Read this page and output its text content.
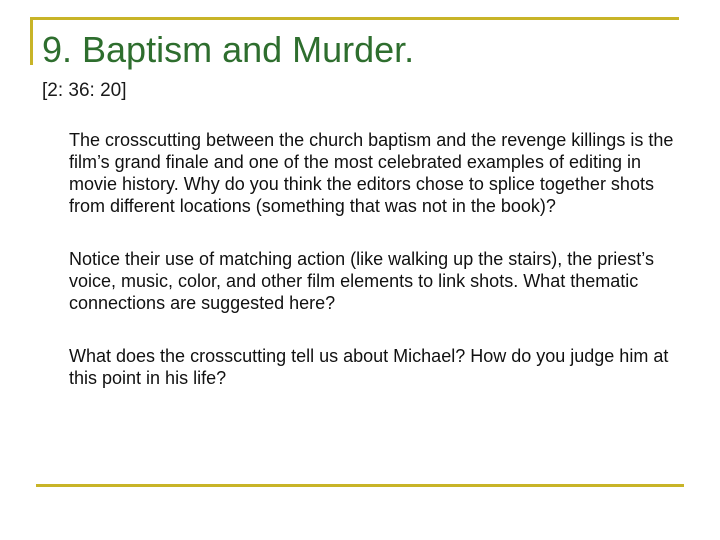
9. Baptism and Murder.
[2: 36: 20]
The crosscutting between the church baptism and the revenge killings is the film’s grand finale and one of the most celebrated examples of editing in movie history. Why do you think the editors chose to splice together shots from different locations (something that was not in the book)?
Notice their use of matching action (like walking up the stairs), the priest’s voice, music, color, and other film elements to link shots. What thematic connections are suggested here?
What does the crosscutting tell us about Michael? How do you judge him at this point in his life?
